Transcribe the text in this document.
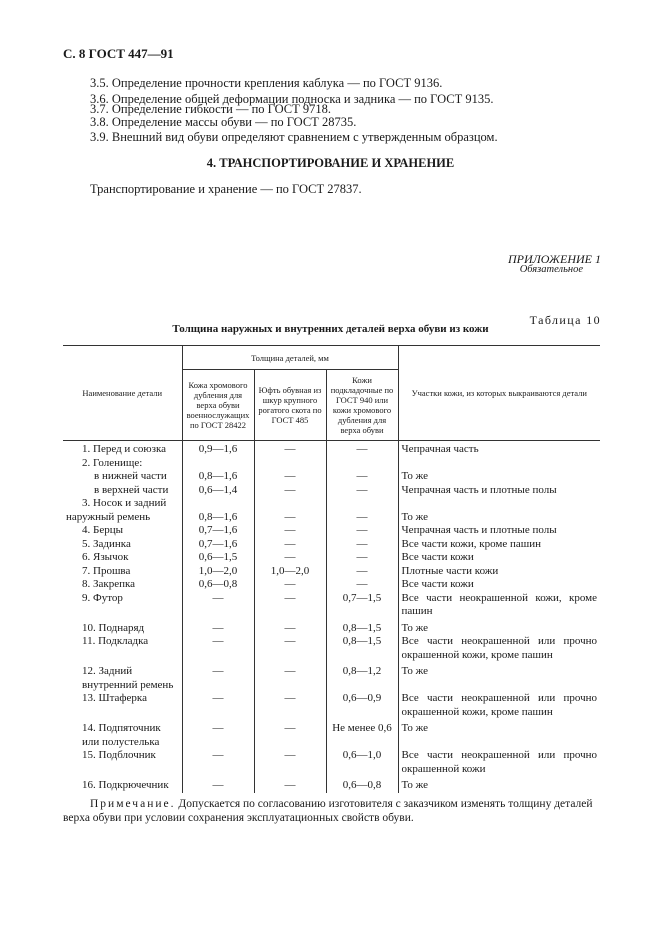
С. 8 ГОСТ 447—91
3.5. Определение прочности крепления каблука — по ГОСТ 9136.
3.6. Определение общей деформации подноска и задника — по ГОСТ 9135.
3.7. Определение гибкости — по ГОСТ 9718.
3.8. Определение массы обуви — по ГОСТ 28735.
3.9. Внешний вид обуви определяют сравнением с утвержденным образцом.
4. ТРАНСПОРТИРОВАНИЕ И ХРАНЕНИЕ
Транспортирование и хранение — по ГОСТ 27837.
ПРИЛОЖЕНИЕ 1
Обязательное
Таблица 10
Толщина наружных и внутренних деталей верха обуви из кожи
Наименование детали	Толщина деталей, мм			Участки кожи, из которых выкраиваются детали
	Кожа хромового дубления для верха обуви военнослужащих по ГОСТ 28422	Юфть обувная из шкур крупного рогатого скота по ГОСТ 485	Кожи подкладочные по ГОСТ 940 или кожи хромового дубления для верха обуви	

1. Перед и союзка	0,9—1,6	—	—	Чепрачная часть

2. Голенище:				

в нижней части	0,8—1,6	—	—	То же

в верхней части	0,6—1,4	—	—	Чепрачная часть и плотные полы

3. Носок и задний				

наружный ремень	0,8—1,6	—	—	То же

4. Берцы	0,7—1,6	—	—	Чепрачная часть и плотные полы

5. Задинка	0,7—1,6	—	—	Все части кожи, кроме пашин

6. Язычок	0,6—1,5	—	—	Все части кожи

7. Прошва	1,0—2,0	1,0—2,0	—	Плотные части кожи

8. Закрепка	0,6—0,8	—	—	Все части кожи

9. Футор	—	—	0,7—1,5	Все части неокрашенной кожи, кроме пашин

10. Поднаряд	—	—	0,8—1,5	То же

11. Подкладка	—	—	0,8—1,5	Все части неокрашенной или прочно окрашенной кожи, кроме пашин

12. Задний внутренний ремень	—	—	0,8—1,2	То же

13. Штаферка	—	—	0,6—0,9	Все части неокрашенной или прочно окрашенной кожи, кроме пашин

14. Подпяточник или полустелька	—	—	Не менее 0,6	То же

15. Подблочник	—	—	0,6—1,0	Все части неокрашенной или прочно окрашенной кожи

16. Подкрючечник	—	—	0,6—0,8	То же
Примечание. Допускается по согласованию изготовителя с заказчиком изменять толщину деталей
верха обуви при условии сохранения эксплуатационных свойств обуви.
